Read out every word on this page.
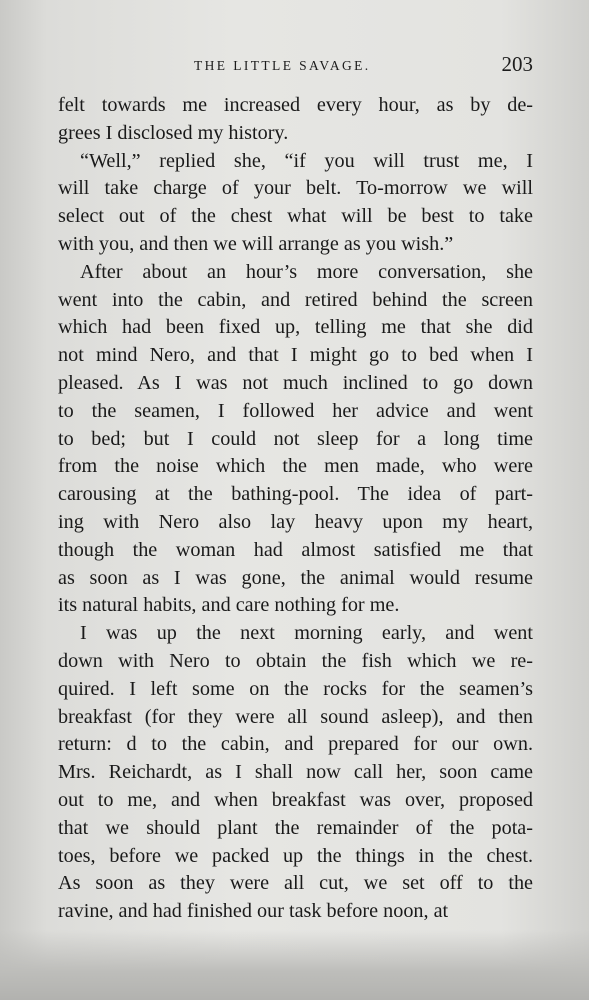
THE LITTLE SAVAGE.	203
felt towards me increased every hour, as by de-
grees I disclosed my history.
“Well,” replied she, “if you will trust me, I
will take charge of your belt. To-morrow we will
select out of the chest what will be best to take
with you, and then we will arrange as you wish.”
After about an hour’s more conversation, she
went into the cabin, and retired behind the screen
which had been fixed up, telling me that she did
not mind Nero, and that I might go to bed when I
pleased. As I was not much inclined to go down
to the seamen, I followed her advice and went
to bed; but I could not sleep for a long time
from the noise which the men made, who were
carousing at the bathing-pool. The idea of part-
ing with Nero also lay heavy upon my heart,
though the woman had almost satisfied me that
as soon as I was gone, the animal would resume
its natural habits, and care nothing for me.
I was up the next morning early, and went
down with Nero to obtain the fish which we re-
quired. I left some on the rocks for the seamen’s
breakfast (for they were all sound asleep), and then
return: d to the cabin, and prepared for our own.
Mrs. Reichardt, as I shall now call her, soon came
out to me, and when breakfast was over, proposed
that we should plant the remainder of the pota-
toes, before we packed up the things in the chest.
As soon as they were all cut, we set off to the
ravine, and had finished our task before noon, at
